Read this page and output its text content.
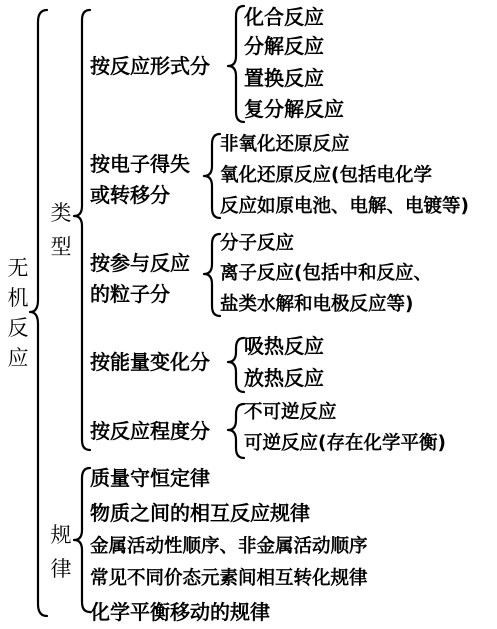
无
机
反
应
类
型
规
律
按反应形式分
化合反应
分解反应
置换反应
复分解反应
按电子得失
或转移分
非氧化还原反应
氧化还原反应(包括电化学
反应如原电池、电解、电镀等)
按参与反应
的粒子分
分子反应
离子反应(包括中和反应、
盐类水解和电极反应等)
按能量变化分
吸热反应
放热反应
按反应程度分
不可逆反应
可逆反应(存在化学平衡)
质量守恒定律
物质之间的相互反应规律
金属活动性顺序、非金属活动顺序
常见不同价态元素间相互转化规律
化学平衡移动的规律
